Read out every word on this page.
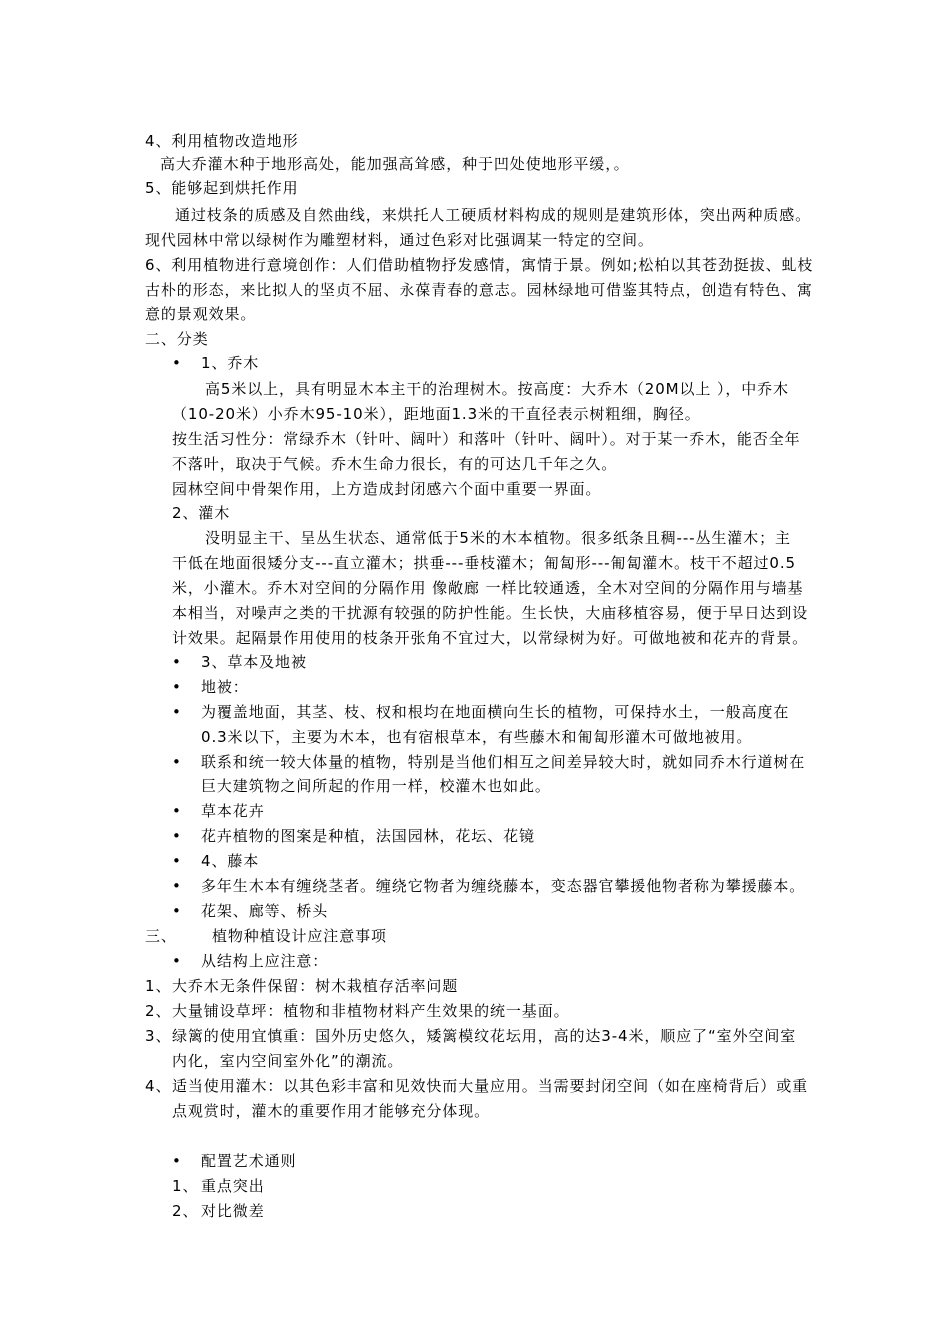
4、利用植物改造地形
高大乔灌木种于地形高处，能加强高耸感，种于凹处使地形平缓，。
5、能够起到烘托作用
通过枝条的质感及自然曲线，来烘托人工硬质材料构成的规则是建筑形体，突出两种质感。
现代园林中常以绿树作为雕塑材料，通过色彩对比强调某一特定的空间。
6、利用植物进行意境创作：人们借助植物抒发感情，寓情于景。例如;松柏以其苍劲挺拔、虬枝
古朴的形态，来比拟人的坚贞不屈、永葆青春的意志。园林绿地可借鉴其特点，创造有特色、寓
意的景观效果。
二、分类
• 1、乔木
高5米以上，具有明显木本主干的治理树木。按高度：大乔木（20M以上 ），中乔木
（10-20米）小乔木95-10米），距地面1.3米的干直径表示树粗细，胸径。
按生活习性分：常绿乔木（针叶、阔叶）和落叶（针叶、阔叶）。对于某一乔木，能否全年
不落叶，取决于气候。乔木生命力很长，有的可达几千年之久。
园林空间中骨架作用，上方造成封闭感六个面中重要一界面。
2、灌木
没明显主干、呈丛生状态、通常低于5米的木本植物。很多纸条且稠---丛生灌木；主
干低在地面很矮分支---直立灌木；拱垂---垂枝灌木；匍匐形---匍匐灌木。枝干不超过0.5
米，小灌木。乔木对空间的分隔作用 像敞廊 一样比较通透，全木对空间的分隔作用与墙基
本相当，对噪声之类的干扰源有较强的防护性能。生长快，大庙移植容易，便于早日达到设
计效果。起隔景作用使用的枝条开张角不宜过大，以常绿树为好。可做地被和花卉的背景。
• 3、草本及地被
• 地被：
• 为覆盖地面，其茎、枝、杈和根均在地面横向生长的植物，可保持水土，一般高度在
0.3米以下，主要为木本，也有宿根草本，有些藤木和匍匐形灌木可做地被用。
• 联系和统一较大体量的植物，特别是当他们相互之间差异较大时，就如同乔木行道树在
巨大建筑物之间所起的作用一样，校灌木也如此。
• 草本花卉
• 花卉植物的图案是种植，法国园林，花坛、花镜
• 4、藤本
• 多年生木本有缠绕茎者。缠绕它物者为缠绕藤本，变态器官攀援他物者称为攀援藤本。
• 花架、廊等、桥头
三、 植物种植设计应注意事项
• 从结构上应注意：
1、 大乔木无条件保留：树木栽植存活率问题
2、 大量铺设草坪：植物和非植物材料产生效果的统一基面。
3、 绿篱的使用宜慎重：国外历史悠久，矮篱模纹花坛用，高的达3-4米，顺应了“室外空间室
内化，室内空间室外化”的潮流。
4、 适当使用灌木：以其色彩丰富和见效快而大量应用。当需要封闭空间（如在座椅背后）或重
点观赏时，灌木的重要作用才能够充分体现。
• 配置艺术通则
1、 重点突出
2、 对比微差
